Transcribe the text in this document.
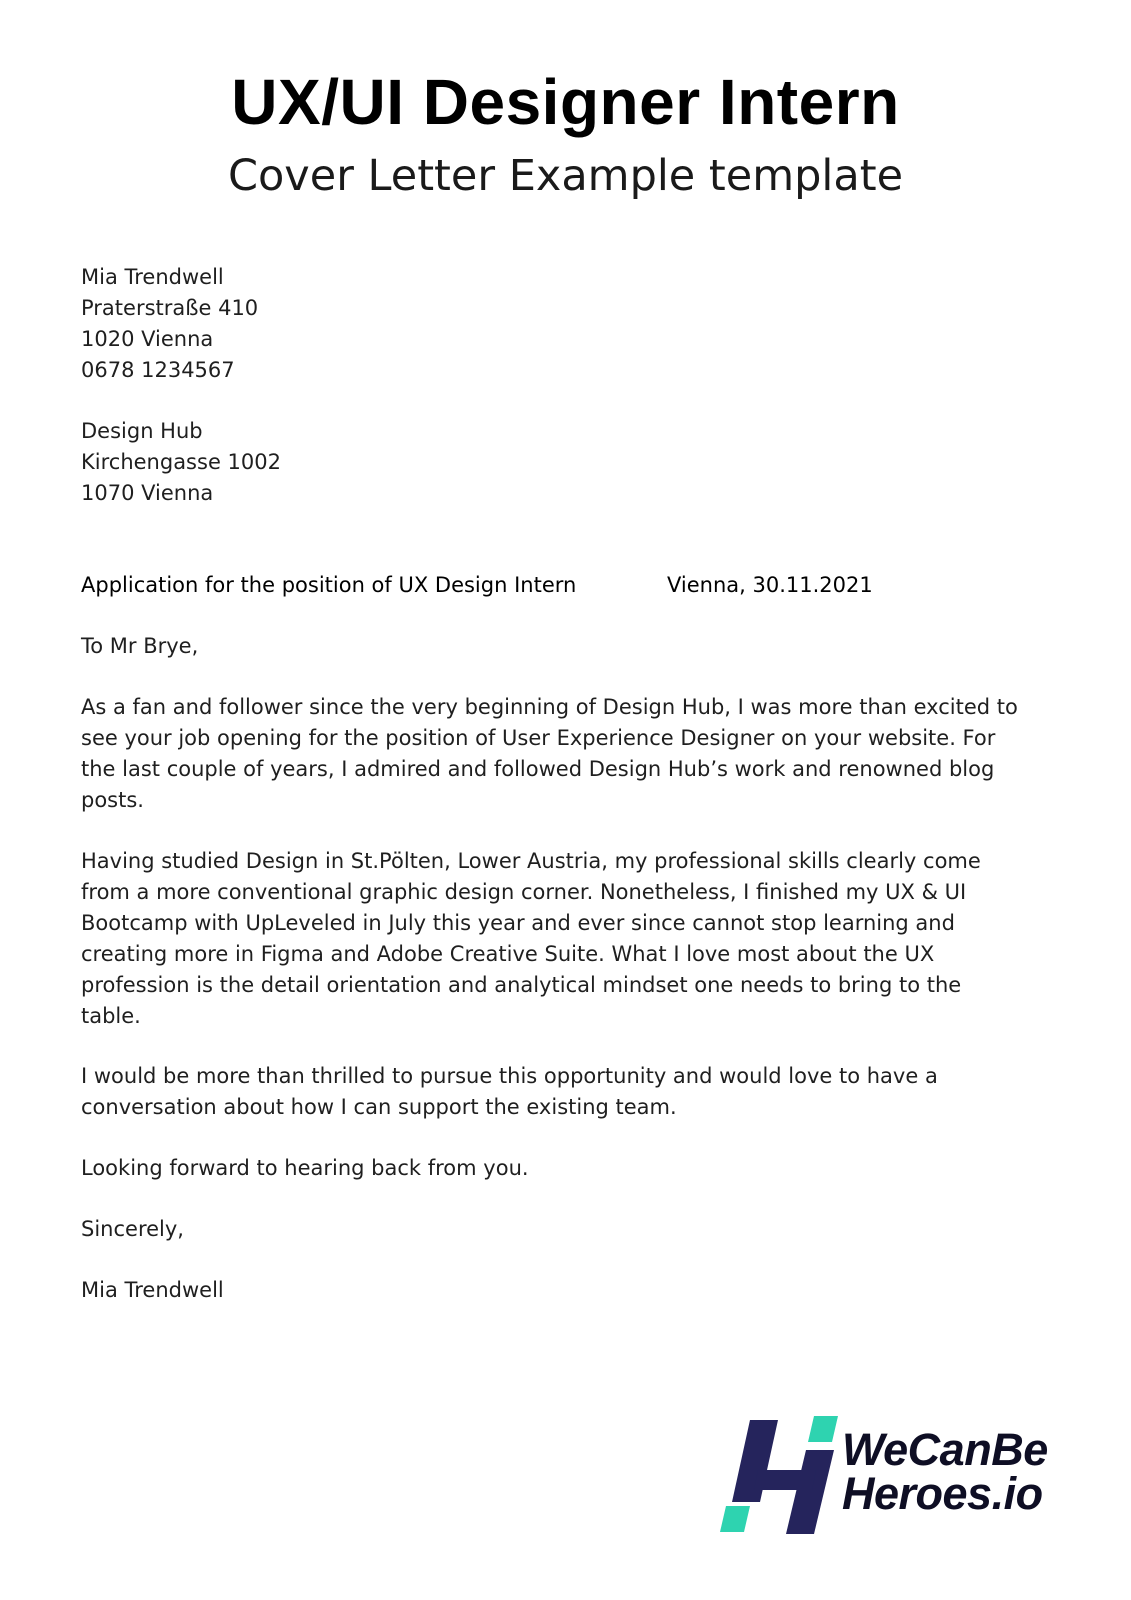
UX/UI Designer Intern
Cover Letter Example template
Mia Trendwell
Praterstraße 410
1020 Vienna
0678 1234567
Design Hub
Kirchengasse 1002
1070 Vienna
Application for the position of UX Design Intern	Vienna, 30.11.2021

To Mr Brye,

As a fan and follower since the very beginning of Design Hub, I was more than excited to
see your job opening for the position of User Experience Designer on your website. For
the last couple of years, I admired and followed Design Hub’s work and renowned blog
posts.

Having studied Design in St.Pölten, Lower Austria, my professional skills clearly come
from a more conventional graphic design corner. Nonetheless, I finished my UX & UI
Bootcamp with UpLeveled in July this year and ever since cannot stop learning and
creating more in Figma and Adobe Creative Suite. What I love most about the UX
profession is the detail orientation and analytical mindset one needs to bring to the
table.

I would be more than thrilled to pursue this opportunity and would love to have a
conversation about how I can support the existing team.

Looking forward to hearing back from you.

Sincerely,

Mia Trendwell

WeCanBe
Heroes.io
